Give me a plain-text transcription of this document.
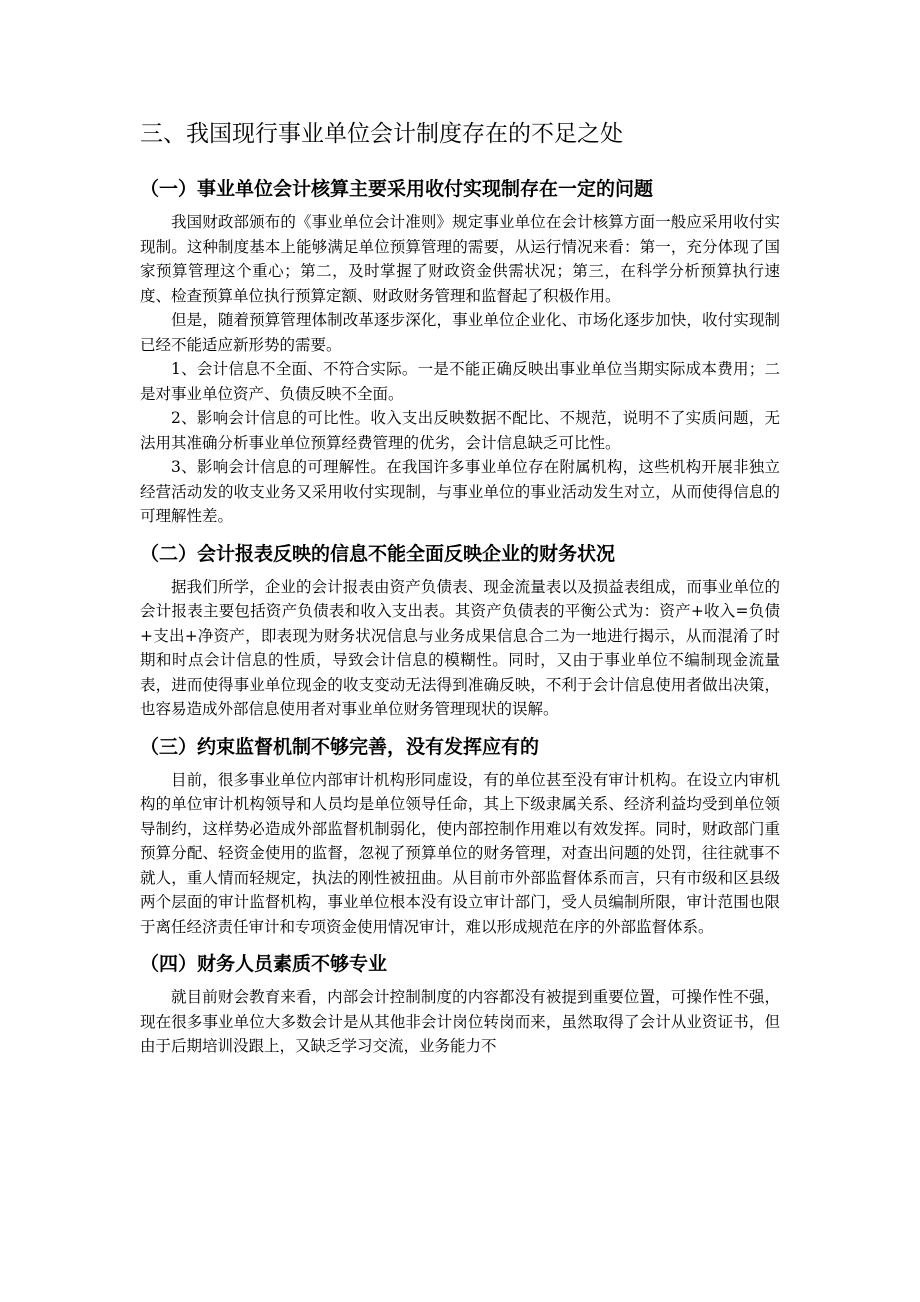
三、我国现行事业单位会计制度存在的不足之处
（一）事业单位会计核算主要采用收付实现制存在一定的问题

我国财政部颁布的《事业单位会计准则》规定事业单位在会计核算方面一般应采用收付实现制。这种制度基本上能够满足单位预算管理的需要，从运行情况来看：第一，充分体现了国家预算管理这个重心；第二，及时掌握了财政资金供需状况；第三，在科学分析预算执行速度、检查预算单位执行预算定额、财政财务管理和监督起了积极作用。

但是，随着预算管理体制改革逐步深化，事业单位企业化、市场化逐步加快，收付实现制已经不能适应新形势的需要。

1、会计信息不全面、不符合实际。一是不能正确反映出事业单位当期实际成本费用；二是对事业单位资产、负债反映不全面。

2、影响会计信息的可比性。收入支出反映数据不配比、不规范，说明不了实质问题，无法用其准确分析事业单位预算经费管理的优劣，会计信息缺乏可比性。

3、影响会计信息的可理解性。在我国许多事业单位存在附属机构，这些机构开展非独立经营活动发的收支业务又采用收付实现制，与事业单位的事业活动发生对立，从而使得信息的可理解性差。

（二）会计报表反映的信息不能全面反映企业的财务状况

据我们所学，企业的会计报表由资产负债表、现金流量表以及损益表组成，而事业单位的会计报表主要包括资产负债表和收入支出表。其资产负债表的平衡公式为：资产+收入=负债+支出+净资产，即表现为财务状况信息与业务成果信息合二为一地进行揭示，从而混淆了时期和时点会计信息的性质，导致会计信息的模糊性。同时，又由于事业单位不编制现金流量表，进而使得事业单位现金的收支变动无法得到准确反映，不利于会计信息使用者做出决策，也容易造成外部信息使用者对事业单位财务管理现状的误解。

（三）约束监督机制不够完善，没有发挥应有的

目前，很多事业单位内部审计机构形同虚设，有的单位甚至没有审计机构。在设立内审机构的单位审计机构领导和人员均是单位领导任命，其上下级隶属关系、经济利益均受到单位领导制约，这样势必造成外部监督机制弱化，使内部控制作用难以有效发挥。同时，财政部门重预算分配、轻资金使用的监督，忽视了预算单位的财务管理，对查出问题的处罚，往往就事不就人，重人情而轻规定，执法的刚性被扭曲。从目前市外部监督体系而言，只有市级和区县级两个层面的审计监督机构，事业单位根本没有设立审计部门，受人员编制所限，审计范围也限于离任经济责任审计和专项资金使用情况审计，难以形成规范在序的外部监督体系。

（四）财务人员素质不够专业

就目前财会教育来看，内部会计控制制度的内容都没有被提到重要位置，可操作性不强，现在很多事业单位大多数会计是从其他非会计岗位转岗而来，虽然取得了会计从业资证书，但由于后期培训没跟上，又缺乏学习交流，业务能力不
